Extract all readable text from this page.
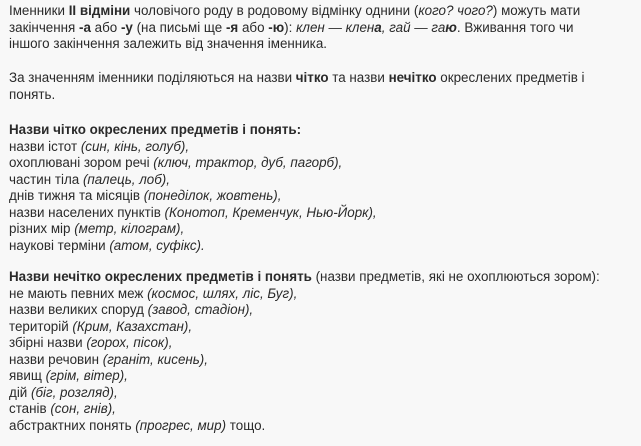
Іменники ІІ відміни чоловічого роду в родовому відмінку однини (кого? чого?) можуть мати
закінчення -а або -у (на письмі ще -я або -ю): клен — клена, гай — гаю. Вживання того чи
іншого закінчення залежить від значення іменника.
За значенням іменники поділяються на назви чітко та назви нечітко окреслених предметів і
понять.
Назви чітко окреслених предметів і понять:
назви істот (син, кінь, голуб),
охоплювані зором речі (ключ, трактор, дуб, пагорб),
частин тіла (палець, лоб),
днів тижня та місяців (понеділок, жовтень),
назви населених пунктів (Конотоп, Кременчук, Нью-Йорк),
різних мір (метр, кілограм),
наукові терміни (атом, суфікс).
Назви нечітко окреслених предметів і понять (назви предметів, які не охоплюються зором):
не мають певних меж (космос, шлях, ліс, Буг),
назви великих споруд (завод, стадіон),
територій (Крим, Казахстан),
збірні назви (горох, пісок),
назви речовин (граніт, кисень),
явищ (грім, вітер),
дій (біг, розгляд),
станів (сон, гнів),
абстрактних понять (прогрес, мир) тощо.
